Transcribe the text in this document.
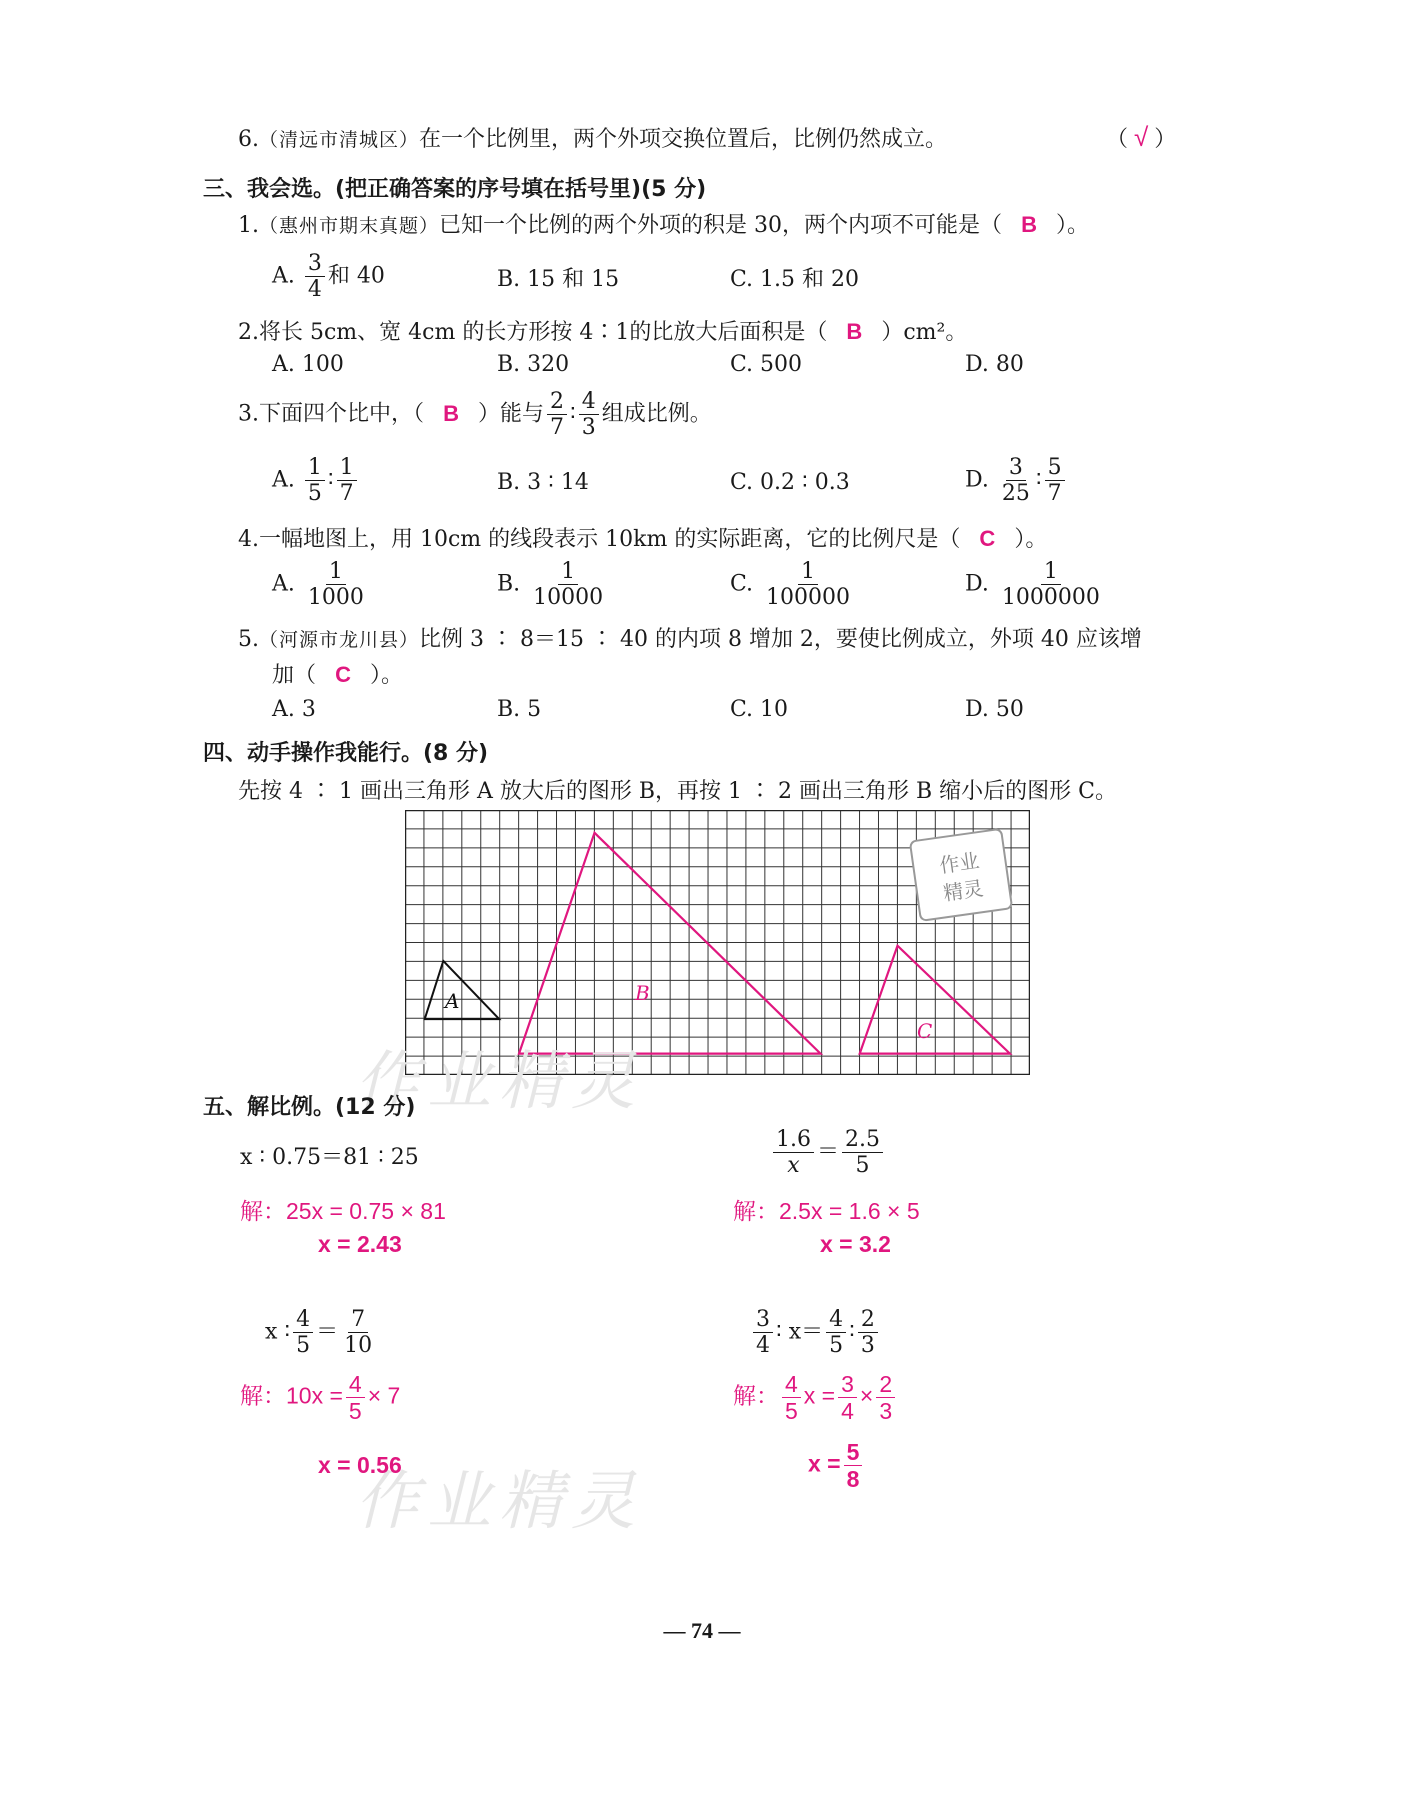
6.（清远市清城区）在一个比例里，两个外项交换位置后，比例仍然成立。	（ √ ）
三、我会选。(把正确答案的序号填在括号里)(5 分)
1.（惠州市期末真题）已知一个比例的两个外项的积是 30，两个内项不可能是（ B ）。
A. $\frac{3}{4}$ 和 40	B. 15 和 15	C. 1.5 和 20
2.将长 5cm、宽 4cm 的长方形按 4∶1的比放大后面积是（ B ）cm²。
A. 100	B. 320	C. 500	D. 80
3.下面四个比中，（ B ）能与 $\frac{2}{7}$ ∶ $\frac{4}{3}$ 组成比例。
A. $\frac{1}{5}$ ∶ $\frac{1}{7}$	B. 3 ∶ 14	C. 0.2 ∶ 0.3	D. $\frac{3}{25}$ ∶ $\frac{5}{7}$
4.一幅地图上，用 10cm 的线段表示 10km 的实际距离，它的比例尺是（ C ）。
A. $\frac{1}{1000}$	B. $\frac{1}{10000}$	C. $\frac{1}{100000}$	D. $\frac{1}{1000000}$
5.（河源市龙川县）比例 3 ∶ 8＝15 ∶ 40 的内项 8 增加 2，要使比例成立，外项 40 应该增
加（ C ）。
A. 3	B. 5	C. 10	D. 50
四、动手操作我能行。(8 分)
先按 4 ∶ 1 画出三角形 A 放大后的图形 B，再按 1 ∶ 2 画出三角形 B 缩小后的图形 C。
作业
精灵
A	B
C
作业精灵
作业精灵
五、解比例。(12 分)
x ∶ 0.75＝81 ∶ 25
解：25x = 0.75 × 81
x = 2.43
$\frac{1.6}{x} = \frac{2.5}{5}$
解：2.5x = 1.6 × 5
x = 3.2
x ∶ $\frac{4}{5} = \frac{7}{10}$
解：$10x = \frac{4}{5} \times 7$
x = 0.56
$\frac{3}{4}$ ∶ $x= \frac{4}{5}$ ∶ $\frac{2}{3}$
解： $\frac{4}{5}$ $x = \frac{3}{4} \times \frac{2}{3}$
$x = \frac{5}{8}$
— 74 —
